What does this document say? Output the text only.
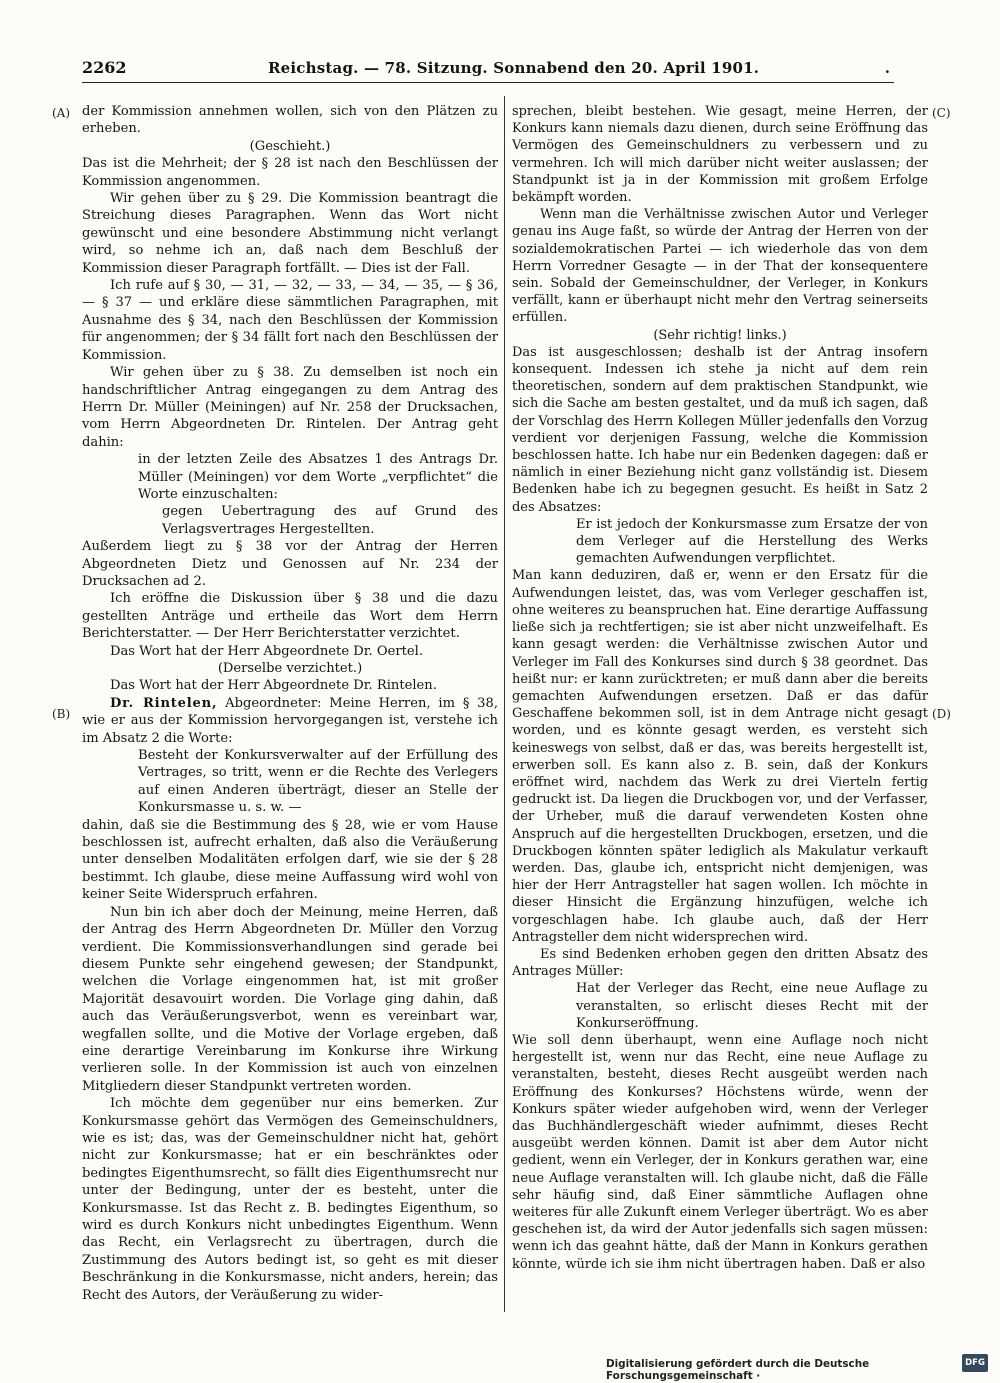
2262	Reichstag. — 78. Sitzung. Sonnabend den 20. April 1901.	.
(A)
(B)
(C)
(D)

der Kommission annehmen wollen, sich von den Plätzen zu erheben.

(Geschieht.)

Das ist die Mehrheit; der § 28 ist nach den Beschlüssen der Kommission angenommen.

Wir gehen über zu § 29. Die Kommission beantragt die Streichung dieses Paragraphen. Wenn das Wort nicht gewünscht und eine besondere Abstimmung nicht verlangt wird, so nehme ich an, daß nach dem Beschluß der Kommission dieser Paragraph fortfällt. — Dies ist der Fall.

Ich rufe auf § 30, — 31, — 32, — 33, — 34, — 35, — § 36, — § 37 — und erkläre diese sämmtlichen Paragraphen, mit Ausnahme des § 34, nach den Beschlüssen der Kommission für angenommen; der § 34 fällt fort nach den Beschlüssen der Kommission.

Wir gehen über zu § 38. Zu demselben ist noch ein handschriftlicher Antrag eingegangen zu dem Antrag des Herrn Dr. Müller (Meiningen) auf Nr. 258 der Drucksachen, vom Herrn Abgeordneten Dr. Rintelen. Der Antrag geht dahin:

in der letzten Zeile des Absatzes 1 des Antrags Dr. Müller (Meiningen) vor dem Worte „verpflichtet“ die Worte einzuschalten:

gegen Uebertragung des auf Grund des Verlagsvertrages Hergestellten.

Außerdem liegt zu § 38 vor der Antrag der Herren Abgeordneten Dietz und Genossen auf Nr. 234 der Drucksachen ad 2.

Ich eröffne die Diskussion über § 38 und die dazu gestellten Anträge und ertheile das Wort dem Herrn Berichterstatter. — Der Herr Berichterstatter verzichtet.

Das Wort hat der Herr Abgeordnete Dr. Oertel.

(Derselbe verzichtet.)

Das Wort hat der Herr Abgeordnete Dr. Rintelen.

Dr. Rintelen, Abgeordneter: Meine Herren, im § 38, wie er aus der Kommission hervorgegangen ist, verstehe ich im Absatz 2 die Worte:

Besteht der Konkursverwalter auf der Erfüllung des Vertrages, so tritt, wenn er die Rechte des Verlegers auf einen Anderen überträgt, dieser an Stelle der Konkursmasse u. s. w. —

dahin, daß sie die Bestimmung des § 28, wie er vom Hause beschlossen ist, aufrecht erhalten, daß also die Veräußerung unter denselben Modalitäten erfolgen darf, wie sie der § 28 bestimmt. Ich glaube, diese meine Auffassung wird wohl von keiner Seite Widerspruch erfahren.

Nun bin ich aber doch der Meinung, meine Herren, daß der Antrag des Herrn Abgeordneten Dr. Müller den Vorzug verdient. Die Kommissionsverhandlungen sind gerade bei diesem Punkte sehr eingehend gewesen; der Standpunkt, welchen die Vorlage eingenommen hat, ist mit großer Majorität desavouirt worden. Die Vorlage ging dahin, daß auch das Veräußerungsverbot, wenn es vereinbart war, wegfallen sollte, und die Motive der Vorlage ergeben, daß eine derartige Vereinbarung im Konkurse ihre Wirkung verlieren solle. In der Kommission ist auch von einzelnen Mitgliedern dieser Standpunkt vertreten worden.

Ich möchte dem gegenüber nur eins bemerken. Zur Konkursmasse gehört das Vermögen des Gemeinschuldners, wie es ist; das, was der Gemeinschuldner nicht hat, gehört nicht zur Konkursmasse; hat er ein beschränktes oder bedingtes Eigenthumsrecht, so fällt dies Eigenthumsrecht nur unter der Bedingung, unter der es besteht, unter die Konkursmasse. Ist das Recht z. B. bedingtes Eigenthum, so wird es durch Konkurs nicht unbedingtes Eigenthum. Wenn das Recht, ein Verlagsrecht zu übertragen, durch die Zustimmung des Autors bedingt ist, so geht es mit dieser Beschränkung in die Konkursmasse, nicht anders, herein; das Recht des Autors, der Veräußerung zu wider-

sprechen, bleibt bestehen. Wie gesagt, meine Herren, der Konkurs kann niemals dazu dienen, durch seine Eröffnung das Vermögen des Gemeinschuldners zu verbessern und zu vermehren. Ich will mich darüber nicht weiter auslassen; der Standpunkt ist ja in der Kommission mit großem Erfolge bekämpft worden.

Wenn man die Verhältnisse zwischen Autor und Verleger genau ins Auge faßt, so würde der Antrag der Herren von der sozialdemokratischen Partei — ich wiederhole das von dem Herrn Vorredner Gesagte — in der That der konsequentere sein. Sobald der Gemeinschuldner, der Verleger, in Konkurs verfällt, kann er überhaupt nicht mehr den Vertrag seinerseits erfüllen.

(Sehr richtig! links.)

Das ist ausgeschlossen; deshalb ist der Antrag insofern konsequent. Indessen ich stehe ja nicht auf dem rein theoretischen, sondern auf dem praktischen Standpunkt, wie sich die Sache am besten gestaltet, und da muß ich sagen, daß der Vorschlag des Herrn Kollegen Müller jedenfalls den Vorzug verdient vor derjenigen Fassung, welche die Kommission beschlossen hatte. Ich habe nur ein Bedenken dagegen: daß er nämlich in einer Beziehung nicht ganz vollständig ist. Diesem Bedenken habe ich zu begegnen gesucht. Es heißt in Satz 2 des Absatzes:

Er ist jedoch der Konkursmasse zum Ersatze der von dem Verleger auf die Herstellung des Werks gemachten Aufwendungen verpflichtet.

Man kann deduziren, daß er, wenn er den Ersatz für die Aufwendungen leistet, das, was vom Verleger geschaffen ist, ohne weiteres zu beanspruchen hat. Eine derartige Auffassung ließe sich ja rechtfertigen; sie ist aber nicht unzweifelhaft. Es kann gesagt werden: die Verhältnisse zwischen Autor und Verleger im Fall des Konkurses sind durch § 38 geordnet. Das heißt nur: er kann zurücktreten; er muß dann aber die bereits gemachten Aufwendungen ersetzen. Daß er das dafür Geschaffene bekommen soll, ist in dem Antrage nicht gesagt worden, und es könnte gesagt werden, es versteht sich keineswegs von selbst, daß er das, was bereits hergestellt ist, erwerben soll. Es kann also z. B. sein, daß der Konkurs eröffnet wird, nachdem das Werk zu drei Vierteln fertig gedruckt ist. Da liegen die Druckbogen vor, und der Verfasser, der Urheber, muß die darauf verwendeten Kosten ohne Anspruch auf die hergestellten Druckbogen, ersetzen, und die Druckbogen könnten später lediglich als Makulatur verkauft werden. Das, glaube ich, entspricht nicht demjenigen, was hier der Herr Antragsteller hat sagen wollen. Ich möchte in dieser Hinsicht die Ergänzung hinzufügen, welche ich vorgeschlagen habe. Ich glaube auch, daß der Herr Antragsteller dem nicht widersprechen wird.

Es sind Bedenken erhoben gegen den dritten Absatz des Antrages Müller:

Hat der Verleger das Recht, eine neue Auflage zu veranstalten, so erlischt dieses Recht mit der Konkurseröffnung.

Wie soll denn überhaupt, wenn eine Auflage noch nicht hergestellt ist, wenn nur das Recht, eine neue Auflage zu veranstalten, besteht, dieses Recht ausgeübt werden nach Eröffnung des Konkurses? Höchstens würde, wenn der Konkurs später wieder aufgehoben wird, wenn der Verleger das Buchhändlergeschäft wieder aufnimmt, dieses Recht ausgeübt werden können. Damit ist aber dem Autor nicht gedient, wenn ein Verleger, der in Konkurs gerathen war, eine neue Auflage veranstalten will. Ich glaube nicht, daß die Fälle sehr häufig sind, daß Einer sämmtliche Auflagen ohne weiteres für alle Zukunft einem Verleger überträgt. Wo es aber geschehen ist, da wird der Autor jedenfalls sich sagen müssen: wenn ich das geahnt hätte, daß der Mann in Konkurs gerathen könnte, würde ich sie ihm nicht übertragen haben. Daß er also

Digitalisierung gefördert durch die Deutsche Forschungsgemeinschaft ·
DFG
